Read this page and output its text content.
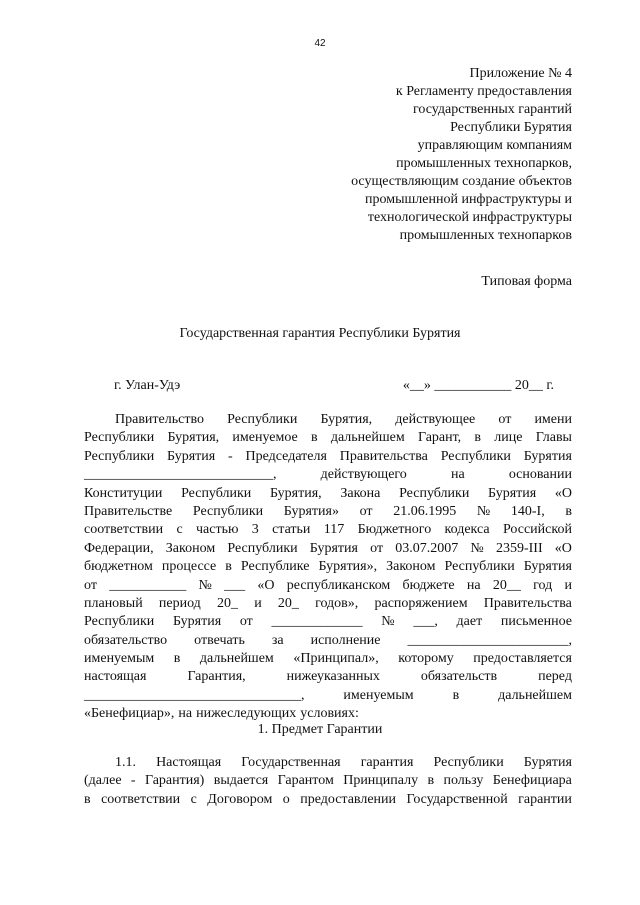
42
Приложение № 4
к Регламенту предоставления
государственных гарантий
Республики Бурятия
управляющим компаниям
промышленных технопарков,
осуществляющим создание объектов
промышленной инфраструктуры и
технологической инфраструктуры
промышленных технопарков
Типовая форма
Государственная гарантия Республики Бурятия
г. Улан-Удэ	«__» ___________ 20__ г.
Правительство Республики Бурятия, действующее от имени
Республики Бурятия, именуемое в дальнейшем Гарант, в лице Главы
Республики Бурятия - Председателя Правительства Республики Бурятия
___________________________,	действующего	на	основании
Конституции Республики Бурятия, Закона Республики Бурятия «О
Правительстве Республики Бурятия» от 21.06.1995 № 140-I, в
соответствии с частью 3 статьи 117 Бюджетного кодекса Российской
Федерации, Законом Республики Бурятия от 03.07.2007 № 2359-III «О
бюджетном процессе в Республике Бурятия», Законом Республики Бурятия
от ___________ № ___ «О республиканском бюджете на 20__ год и
плановый период 20_ и 20_ годов», распоряжением Правительства
Республики Бурятия от _____________ № ___, дает письменное
обязательство отвечать за исполнение _______________________,
именуемым в дальнейшем «Принципал», которому предоставляется
настоящая	Гарантия,	нижеуказанных	обязательств	перед
_______________________________,	именуемым	в	дальнейшем
«Бенефициар», на нижеследующих условиях:
1. Предмет Гарантии
1.1. Настоящая Государственная гарантия Республики Бурятия
(далее - Гарантия) выдается Гарантом Принципалу в пользу Бенефициара
в соответствии с Договором о предоставлении Государственной гарантии
